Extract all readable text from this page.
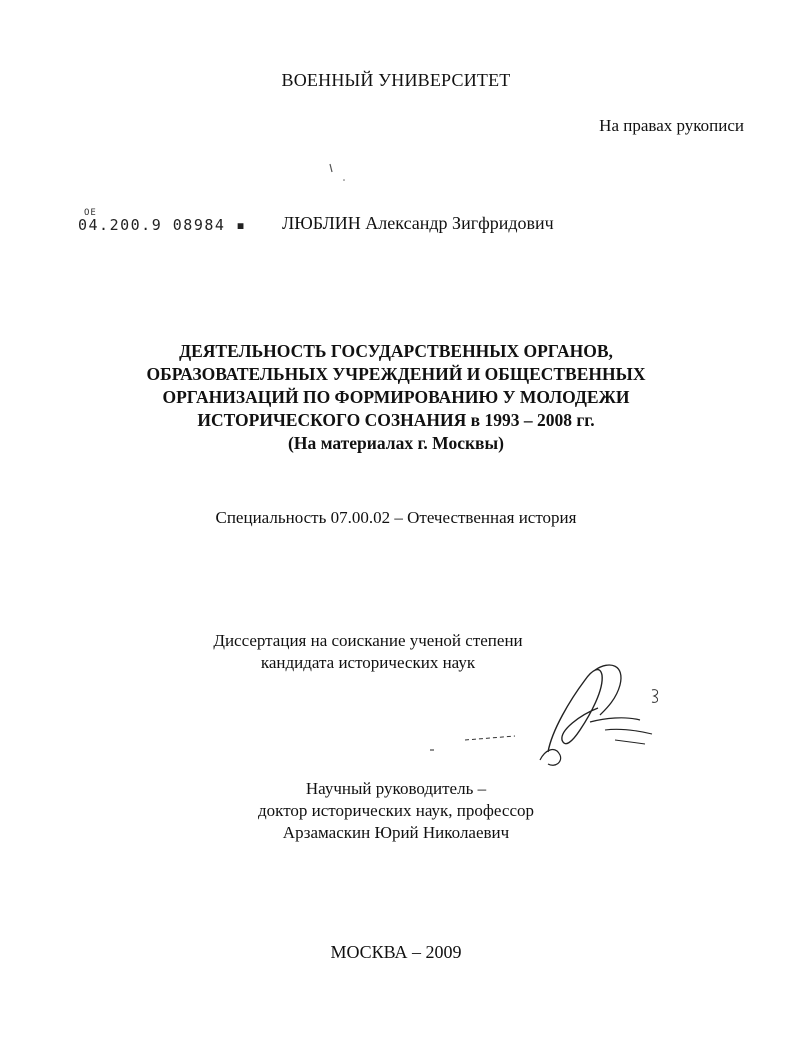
ВОЕННЫЙ УНИВЕРСИТЕТ
На правах рукописи
ОЕ
04.200.9 08984 ▪ ЛЮБЛИН Александр Зигфридович
ДЕЯТЕЛЬНОСТЬ ГОСУДАРСТВЕННЫХ ОРГАНОВ,
ОБРАЗОВАТЕЛЬНЫХ УЧРЕЖДЕНИЙ И ОБЩЕСТВЕННЫХ
ОРГАНИЗАЦИЙ ПО ФОРМИРОВАНИЮ У МОЛОДЕЖИ
ИСТОРИЧЕСКОГО СОЗНАНИЯ в 1993 – 2008 гг.
(На материалах г. Москвы)
Специальность 07.00.02 – Отечественная история
Диссертация на соискание ученой степени
кандидата исторических наук
Научный руководитель –
доктор исторических наук, профессор
Арзамаскин Юрий Николаевич
МОСКВА – 2009
